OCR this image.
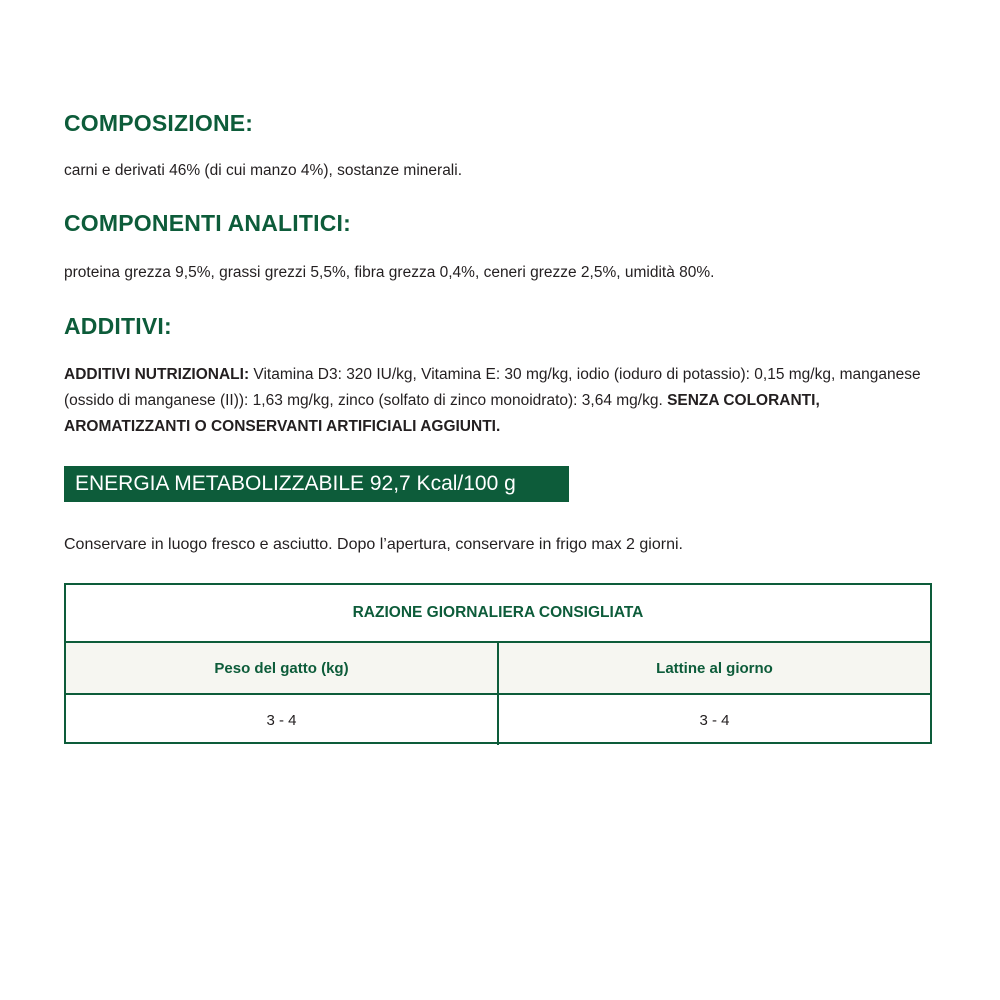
COMPOSIZIONE:

carni e derivati 46% (di cui manzo 4%), sostanze minerali.

COMPONENTI ANALITICI:

proteina grezza 9,5%, grassi grezzi 5,5%, fibra grezza 0,4%, ceneri grezze 2,5%, umidità 80%.

ADDITIVI:

ADDITIVI NUTRIZIONALI: Vitamina D3: 320 IU/kg, Vitamina E: 30 mg/kg, iodio (ioduro di potassio): 0,15 mg/kg, manganese (ossido di manganese (II)): 1,63 mg/kg, zinco (solfato di zinco monoidrato): 3,64 mg/kg. SENZA COLORANTI, AROMATIZZANTI O CONSERVANTI ARTIFICIALI AGGIUNTI.

ENERGIA METABOLIZZABILE 92,7 Kcal/100 g

Conservare in luogo fresco e asciutto. Dopo l’apertura, conservare in frigo max 2 giorni.

RAZIONE GIORNALIERA CONSIGLIATA
Peso del gatto (kg)	Lattine al giorno
3 - 4	3 - 4
